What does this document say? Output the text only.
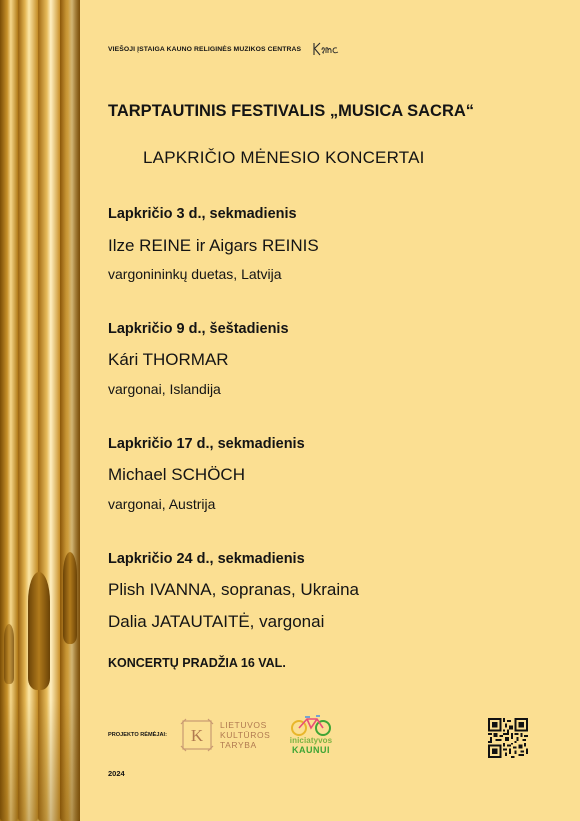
VIEŠOJI ĮSTAIGA KAUNO RELIGINĖS MUZIKOS CENTRAS
TARPTAUTINIS FESTIVALIS „MUSICA SACRA“
LAPKRIČIO MĖNESIO KONCERTAI
Lapkričio 3 d., sekmadienis
Ilze REINE ir Aigars REINIS
vargonininkų duetas, Latvija
Lapkričio 9 d., šeštadienis
Kári THORMAR
vargonai, Islandija
Lapkričio 17 d., sekmadienis
Michael SCHÖCH
vargonai, Austrija
Lapkričio 24 d., sekmadienis
Plish IVANNA, sopranas, Ukraina
Dalia JATAUTAITĖ, vargonai
KONCERTŲ PRADŽIA 16 VAL.
PROJEKTO RĖMĖJAI: K
LIETUVOS
KULTŪROS
TARYBA	iniciatyvos
KAUNUI
2024
